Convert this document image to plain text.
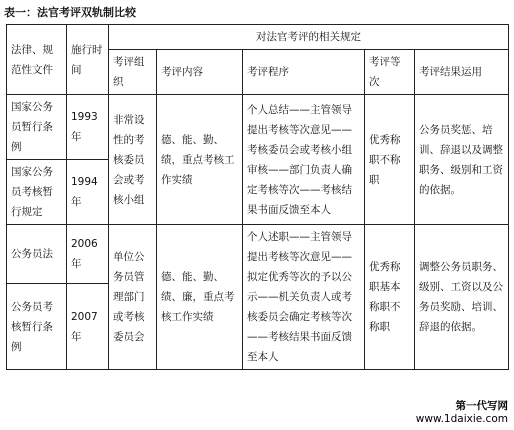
表一：法官考评双轨制比较
法律、规范性文件	施行时间	对法官考评的相关规定				
		考评组织	考评内容	考评程序	考评等次	考评结果运用
国家公务员暂行条例	1993年	非常设性的考核委员会或考核小组	德、能、勤、绩，重点考核工作实绩	个人总结——主管领导提出考核等次意见——考核委员会或考核小组审核——部门负责人确定考核等次——考核结果书面反馈至本人	优秀称职不称职	公务员奖惩、培训、辞退以及调整职务、级别和工资的依据。
国家公务员考核暂行规定	1994年					
公务员法	2006年	单位公务员管理部门或考核委员会	德、能、勤、绩、廉，重点考核工作实绩	个人述职——主管领导提出考核等次意见——拟定优秀等次的予以公示——机关负责人或考核委员会确定考核等次——考核结果书面反馈至本人	优秀称职基本称职不称职	调整公务员职务、级别、工资以及公务员奖励、培训、辞退的依据。
公务员考核暂行条例	2007年					
第一代写网
www.1daixie.com
